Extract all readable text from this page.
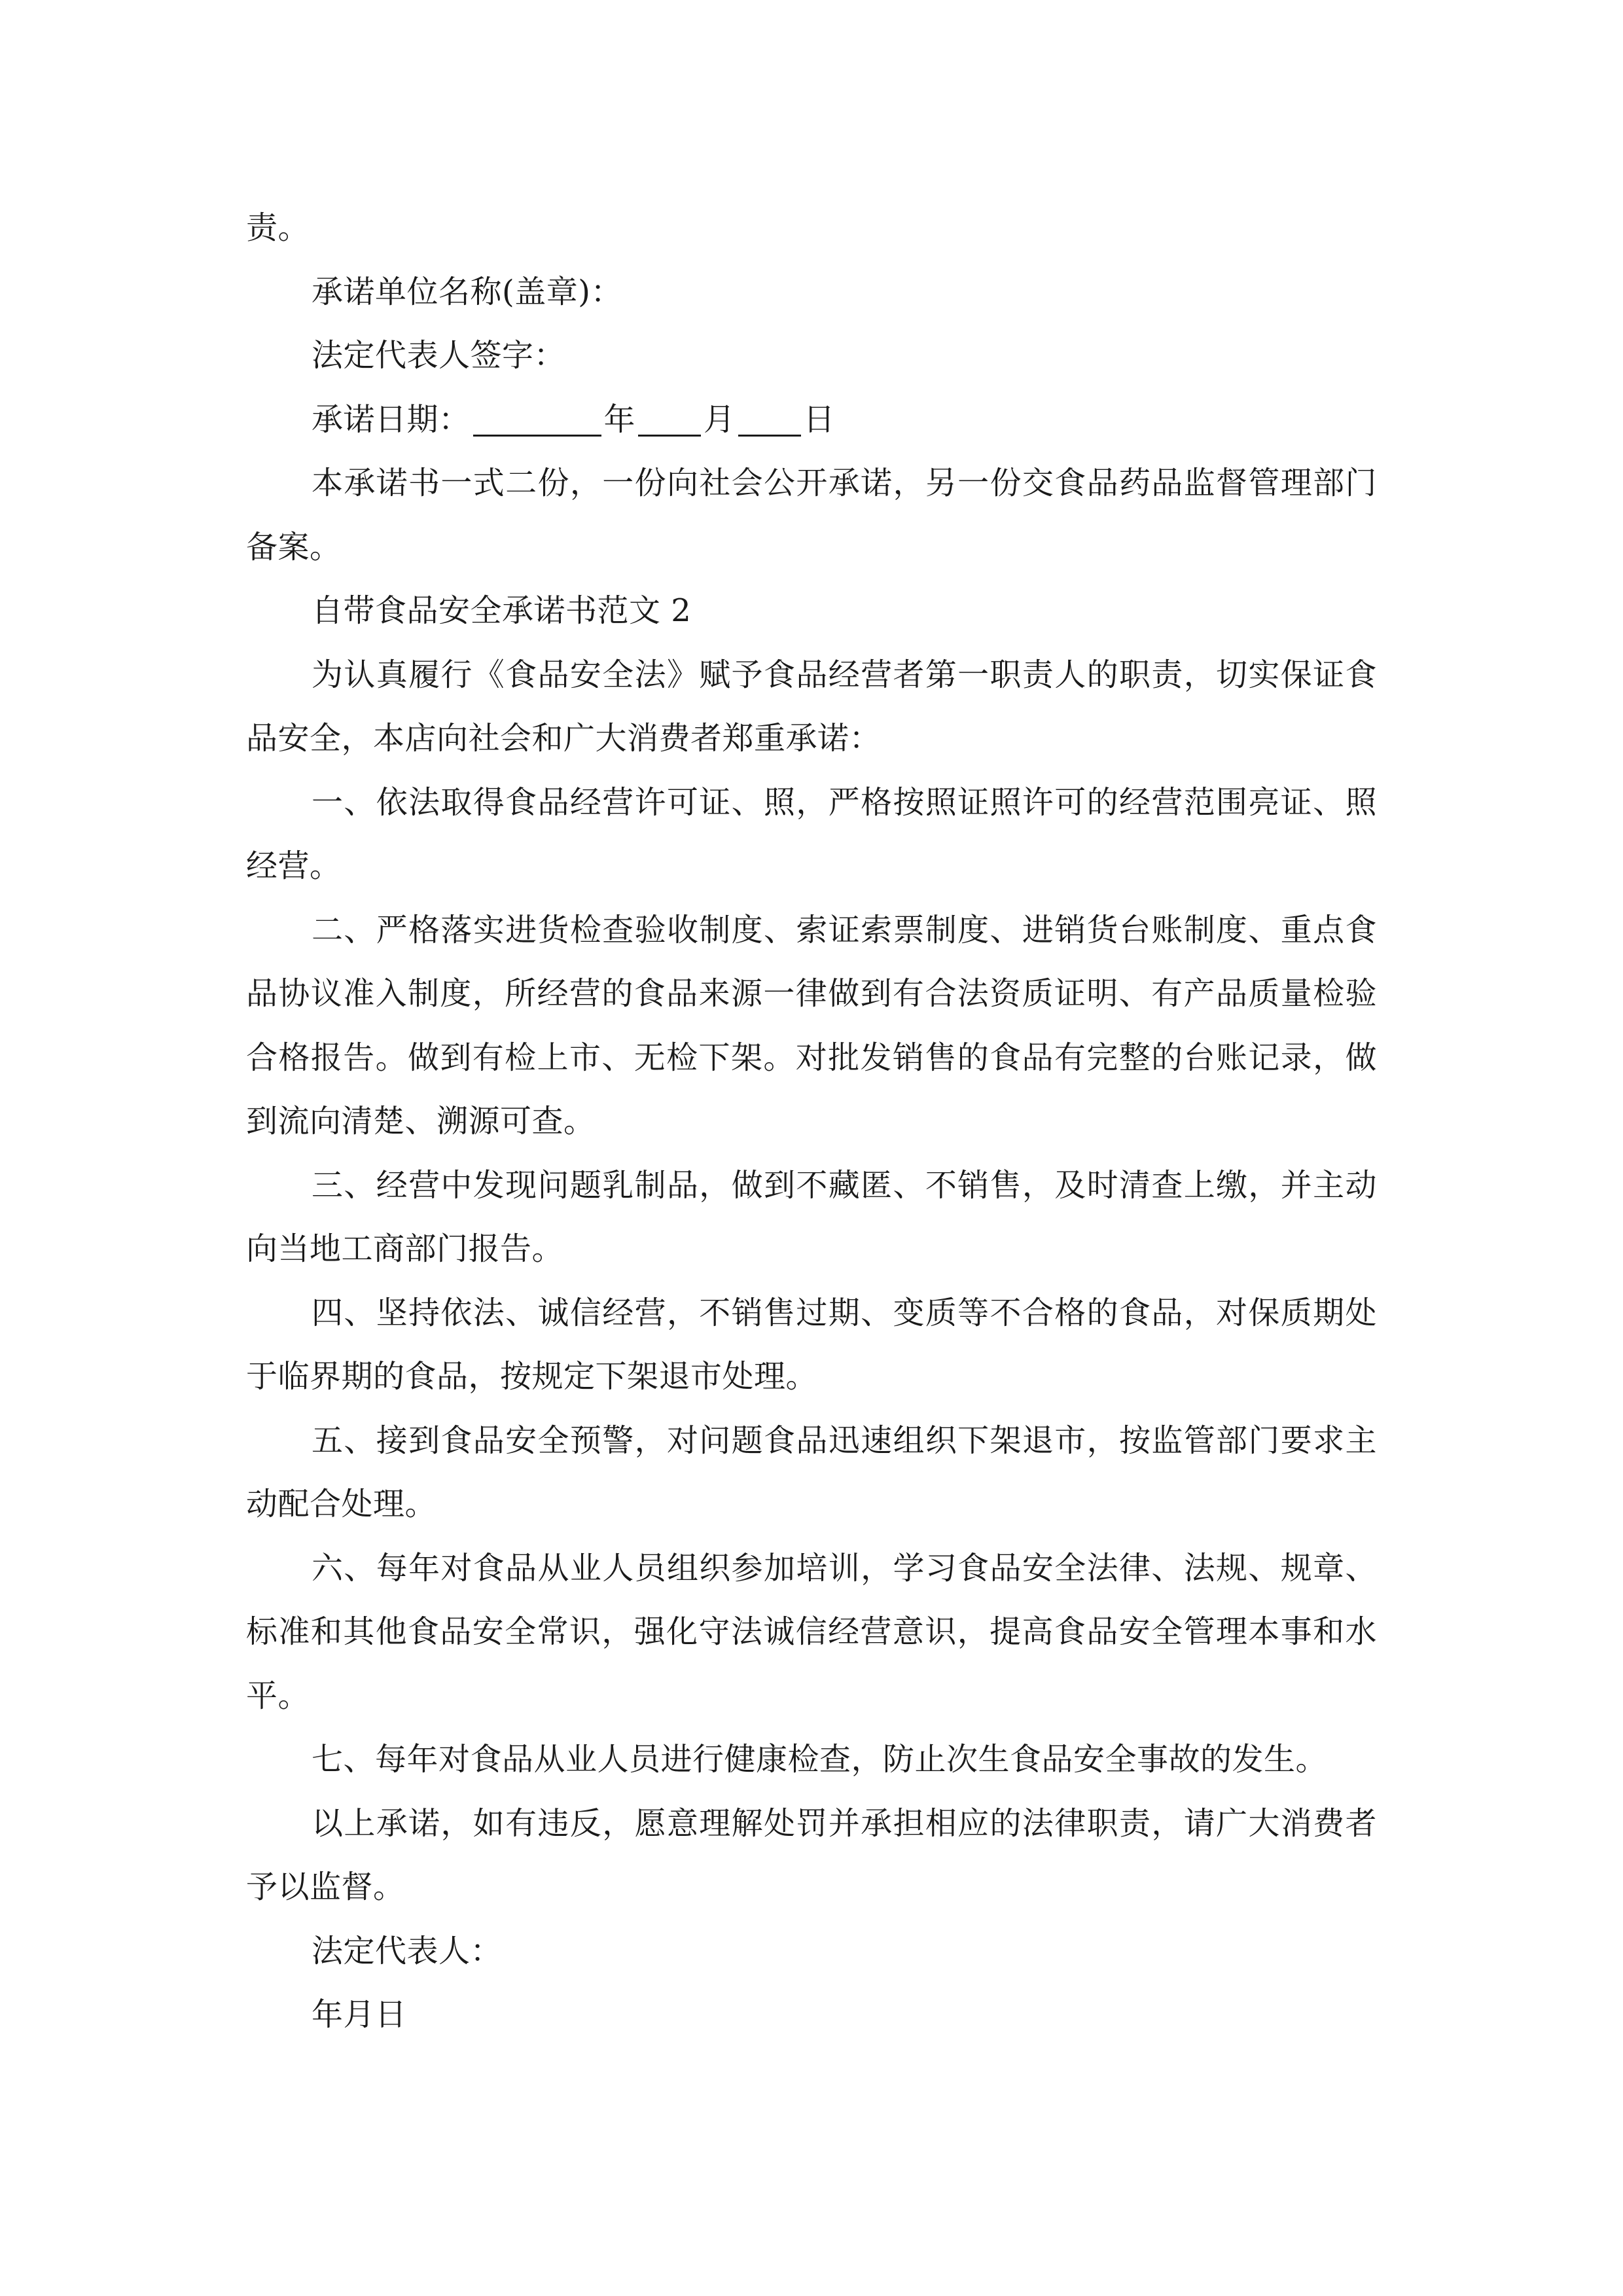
责。

承诺单位名称(盖章)：

法定代表人签字：

承诺日期：	年 月 日

本承诺书一式二份，一份向社会公开承诺，另一份交食品药品监督管理部门备案。

自带食品安全承诺书范文 2

为认真履行《食品安全法》赋予食品经营者第一职责人的职责，切实保证食品安全，本店向社会和广大消费者郑重承诺：

一、依法取得食品经营许可证、照，严格按照证照许可的经营范围亮证、照经营。

二、严格落实进货检查验收制度、索证索票制度、进销货台账制度、重点食品协议准入制度，所经营的食品来源一律做到有合法资质证明、有产品质量检验合格报告。做到有检上市、无检下架。对批发销售的食品有完整的台账记录，做到流向清楚、溯源可查。

三、经营中发现问题乳制品，做到不藏匿、不销售，及时清查上缴，并主动向当地工商部门报告。

四、坚持依法、诚信经营，不销售过期、变质等不合格的食品，对保质期处于临界期的食品，按规定下架退市处理。

五、接到食品安全预警，对问题食品迅速组织下架退市，按监管部门要求主动配合处理。

六、每年对食品从业人员组织参加培训，学习食品安全法律、法规、规章、标准和其他食品安全常识，强化守法诚信经营意识，提高食品安全管理本事和水平。

七、每年对食品从业人员进行健康检查，防止次生食品安全事故的发生。

以上承诺，如有违反，愿意理解处罚并承担相应的法律职责，请广大消费者予以监督。

法定代表人：

年月日
